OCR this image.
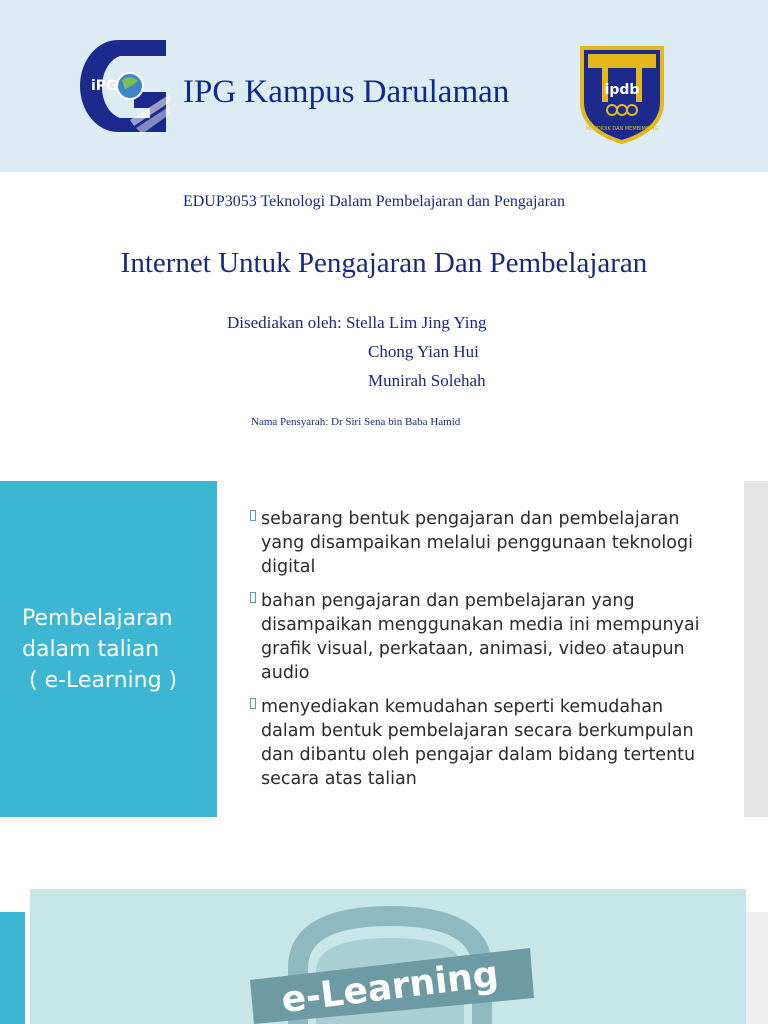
iPG IPG Kampus Darulaman	ipdb
MENDIDIK DAN MEMBIMBING
EDUP3053 Teknologi Dalam Pembelajaran dan Pengajaran
Internet Untuk Pengajaran Dan Pembelajaran
Disediakan oleh: Stella Lim Jing Ying
Chong Yian Hui
Munirah Solehah
Nama Pensyarah: Dr Siri Sena bin Baba Hamid
Pembelajaran
dalam talian
( e-Learning )
sebarang bentuk pengajaran dan pembelajaran
yang disampaikan melalui penggunaan teknologi
digital
bahan pengajaran dan pembelajaran yang
disampaikan menggunakan media ini mempunyai
grafik visual, perkataan, animasi, video ataupun
audio
menyediakan kemudahan seperti kemudahan
dalam bentuk pembelajaran secara berkumpulan
dan dibantu oleh pengajar dalam bidang tertentu
secara atas talian
e-Learning
